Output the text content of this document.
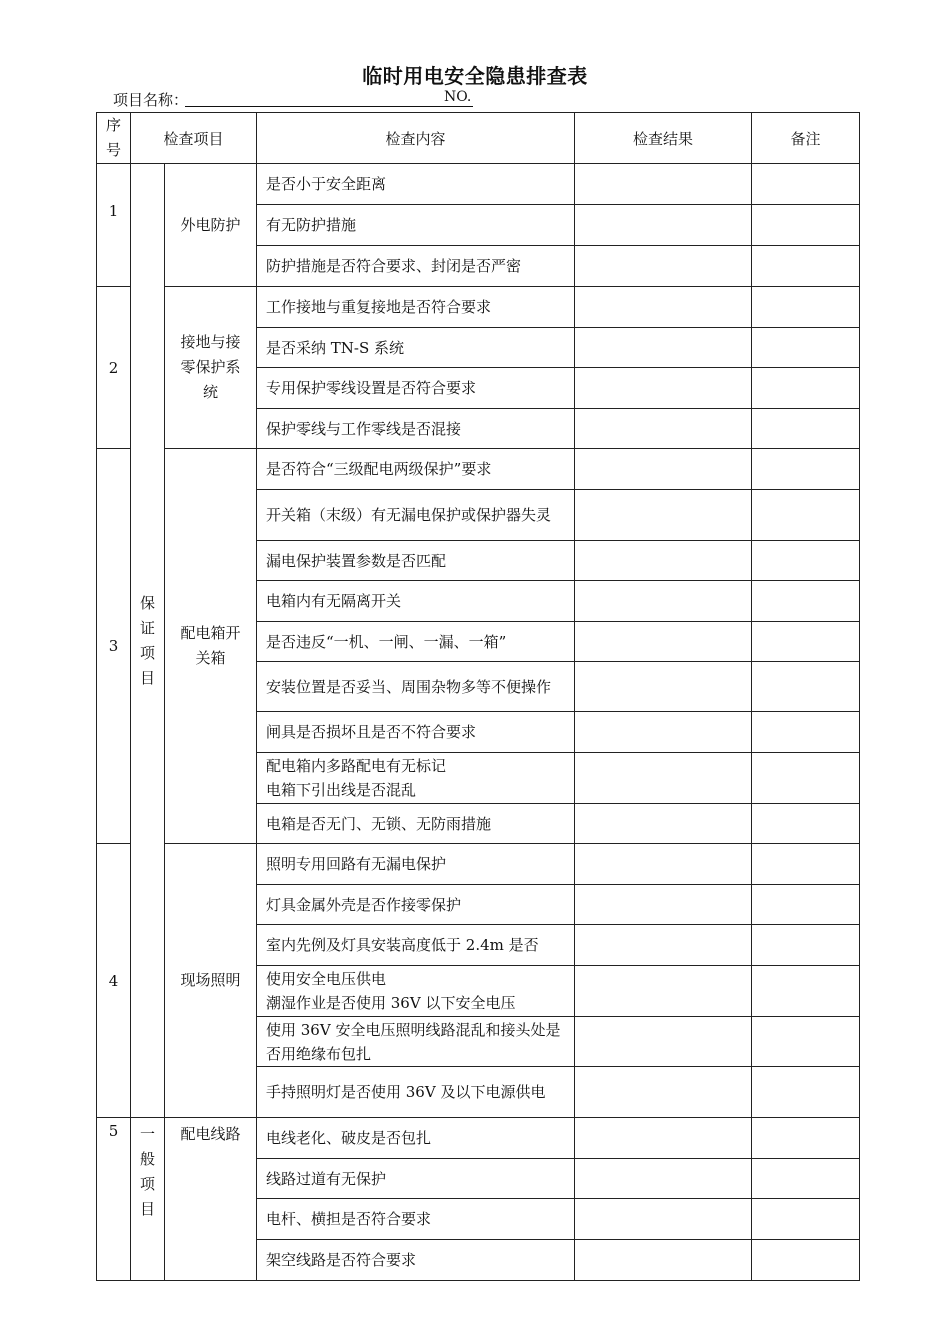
临时用电安全隐患排查表
项目名称：	NO.
序号	检查项目		检查内容	检查结果	备注
1	保证项目	外电防护	是否小于安全距离		
			有无防护措施		
			防护措施是否符合要求、封闭是否严密		
2		接地与接零保护系统	工作接地与重复接地是否符合要求		
			是否采纳 TN-S 系统		
			专用保护零线设置是否符合要求		
			保护零线与工作零线是否混接		
3		配电箱开关箱	是否符合“三级配电两级保护”要求		
			开关箱（末级）有无漏电保护或保护器失灵		
			漏电保护装置参数是否匹配		
			电箱内有无隔离开关		
			是否违反“一机、一闸、一漏、一箱”		
			安装位置是否妥当、周围杂物多等不便操作		
			闸具是否损坏且是否不符合要求		
			配电箱内多路配电有无标记
电箱下引出线是否混乱		
			电箱是否无门、无锁、无防雨措施		
4		现场照明	照明专用回路有无漏电保护		
			灯具金属外壳是否作接零保护		
			室内先例及灯具安装高度低于 2.4m 是否		
			使用安全电压供电
潮湿作业是否使用 36V 以下安全电压		
			使用 36V 安全电压照明线路混乱和接头处是否用绝缘布包扎		
			手持照明灯是否使用 36V 及以下电源供电		
5	一般项目	配电线路	电线老化、破皮是否包扎		
			线路过道有无保护		
			电杆、横担是否符合要求		
			架空线路是否符合要求		
